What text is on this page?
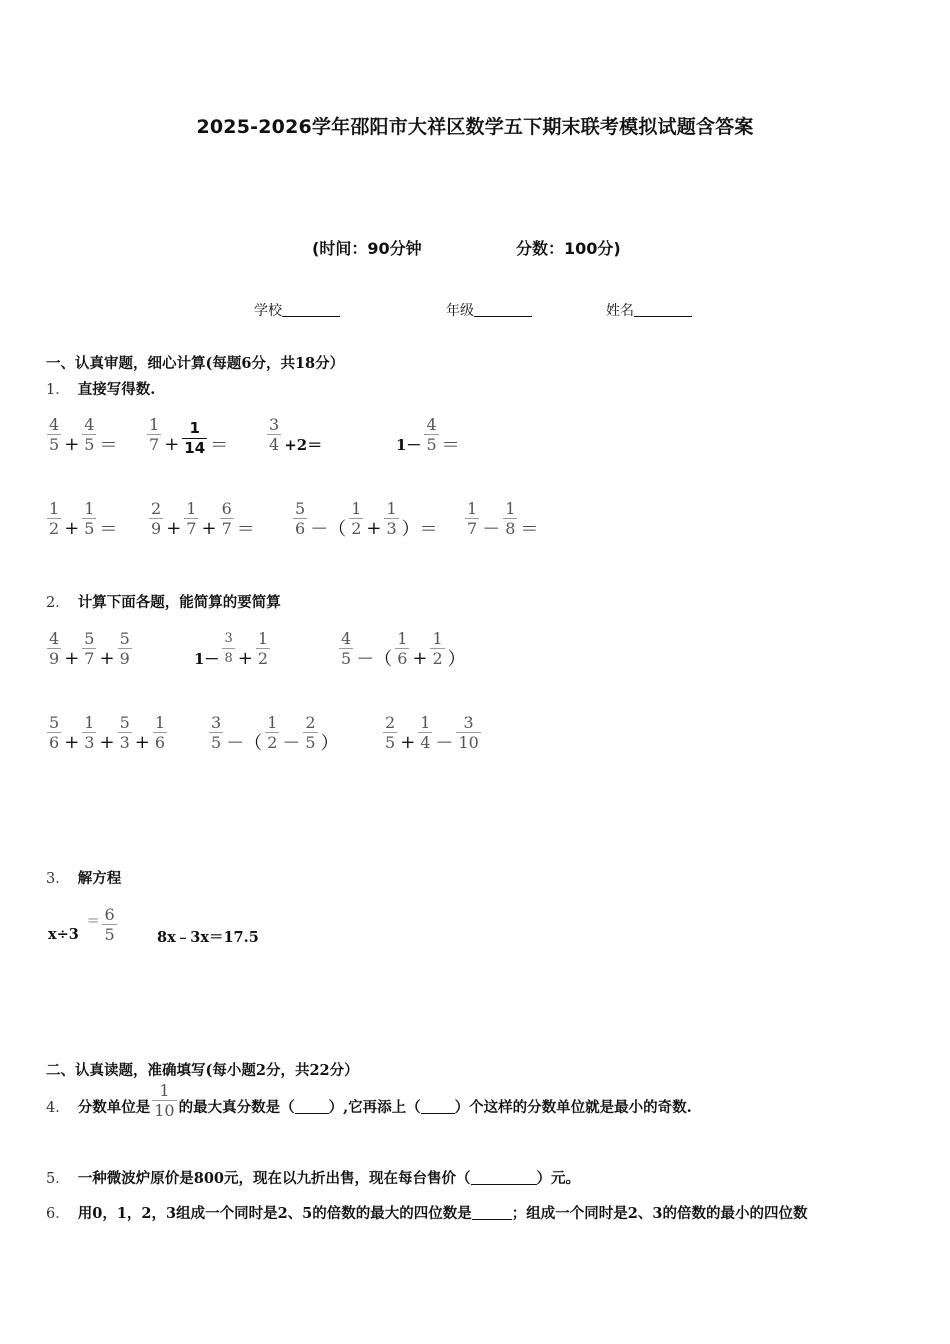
2025-2026学年邵阳市大祥区数学五下期末联考模拟试题含答案
(时间：90分钟	分数：100分)
学校	年级	姓名
一、认真审题，细心计算(每题6分，共18分）
1． 直接写得数.
$\frac{4}{5} + \frac{4}{5} = \frac{1}{7} + \frac{1}{14} = \frac{3}{4} +2=$	$1- \frac{4}{5}$ ＝
$\frac{1}{2} + \frac{1}{5} = \frac{2}{9} + \frac{1}{7} + \frac{6}{7} = \frac{5}{6}$ －（ $\frac{1}{2} + \frac{1}{3}$ ）＝ $\frac{1}{7} - \frac{1}{8}$ ＝
2． 计算下面各题，能简算的要简算
$\frac{4}{9} + \frac{5}{7} + \frac{5}{9}$	$1- \frac{3}{8} + \frac{1}{2}$	$\frac{4}{5}$ －（ $\frac{1}{6} + \frac{1}{2}$ ）
$\frac{5}{6} + \frac{1}{3} + \frac{5}{3} + \frac{1}{6}$	$\frac{3}{5}$ －（ $\frac{1}{2} - \frac{2}{5}$ ）	$\frac{2}{5} + \frac{1}{4} - \frac{3}{10}$
3． 解方程
x÷3
= $\frac{6}{5}$	8x﹣3x＝17.5
二、认真读题，准确填写(每小题2分，共22分）
4． 分数单位是 $\frac{1}{10}$ 的最大真分数是（ ）,它再添上（ ）个这样的分数单位就是最小的奇数.
5． 一种微波炉原价是800元，现在以九折出售，现在每台售价（	）元。
6． 用0，1，2，3组成一个同时是2、5的倍数的最大的四位数是	；组成一个同时是2、3的倍数的最小的四位数
